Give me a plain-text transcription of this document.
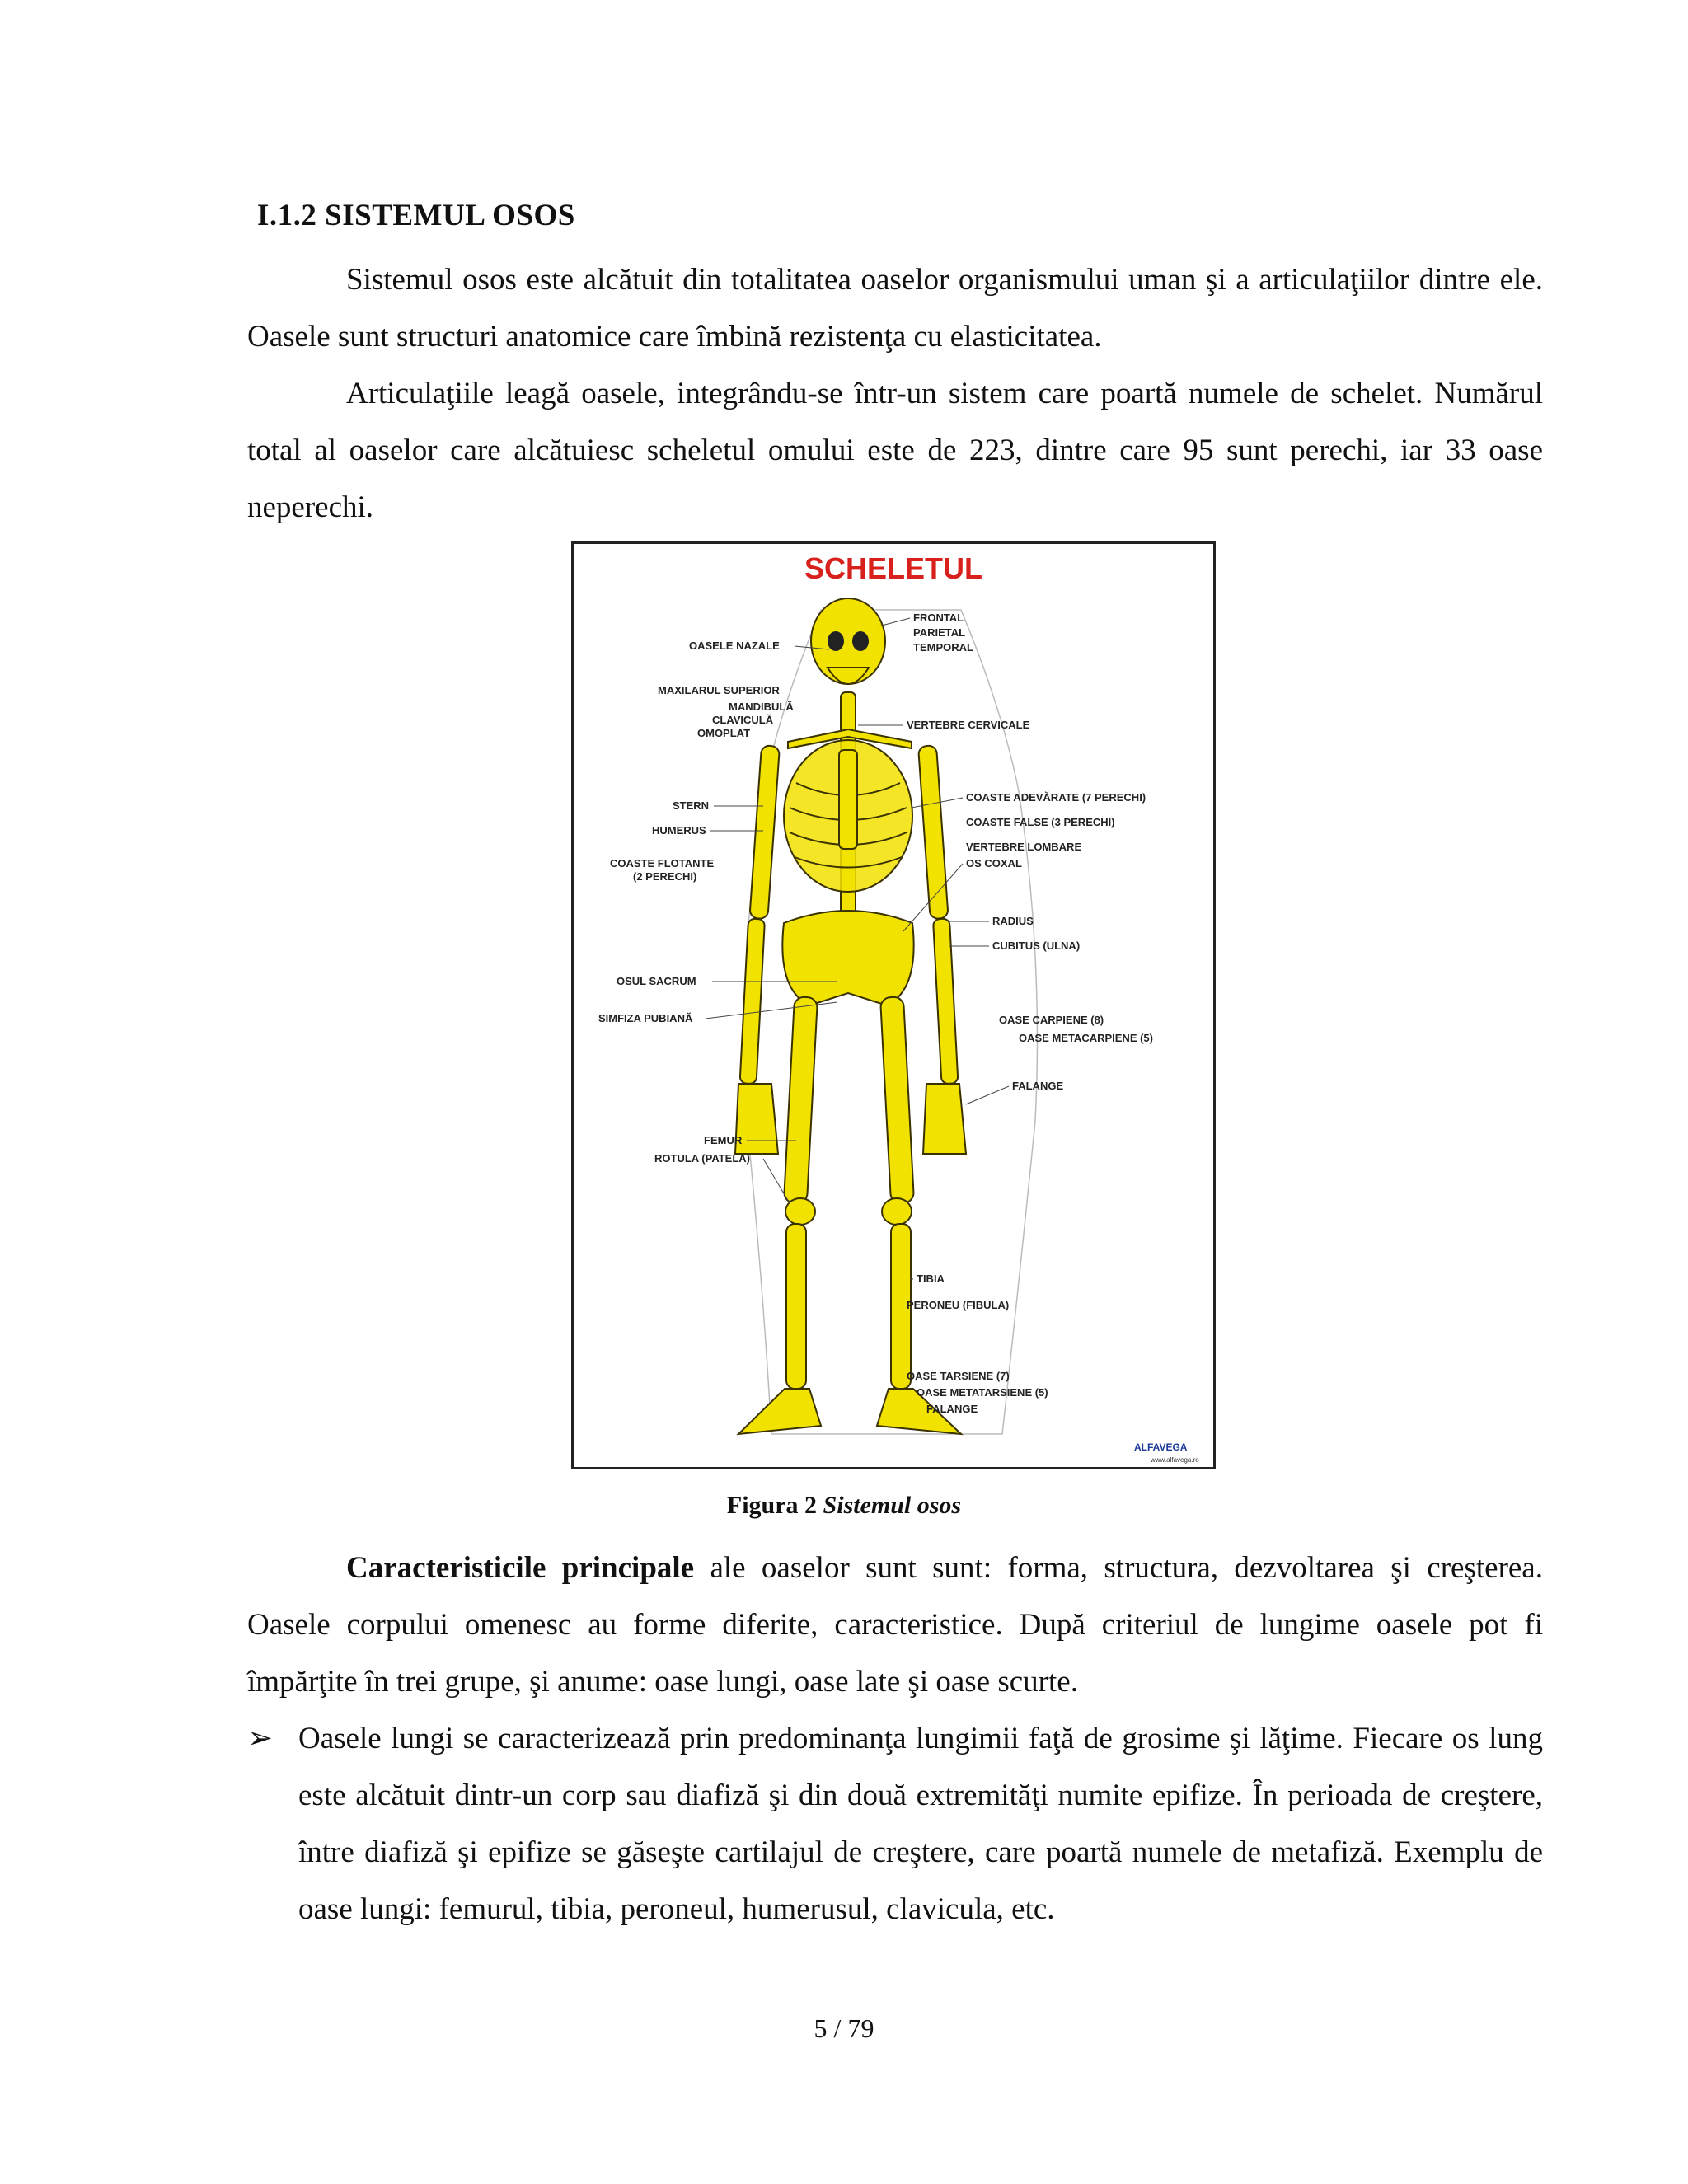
I.1.2 SISTEMUL OSOS
Sistemul osos este alcătuit din totalitatea oaselor organismului uman şi a articulaţiilor dintre ele. Oasele sunt structuri anatomice care îmbină rezistenţa cu elasticitatea.
Articulaţiile leagă oasele, integrându-se într-un sistem care poartă numele de schelet. Numărul total al oaselor care alcătuiesc scheletul omului este de 223, dintre care 95 sunt perechi, iar 33 oase neperechi.
SCHELETUL
OASELE NAZALE
MAXILARUL SUPERIOR
MANDIBULĂ
CLAVICULĂ
OMOPLAT
STERN
HUMERUS
COASTE FLOTANTE
(2 PERECHI)
OSUL SACRUM
SIMFIZA PUBIANĂ
FEMUR
ROTULA (PATELA)
FRONTAL
PARIETAL
TEMPORAL
VERTEBRE CERVICALE
COASTE ADEVĂRATE (7 PERECHI)
COASTE FALSE (3 PERECHI)
VERTEBRE LOMBARE
OS COXAL
RADIUS
CUBITUS (ULNA)
OASE CARPIENE (8)
OASE METACARPIENE (5)
FALANGE
TIBIA
PERONEU (FIBULA)
OASE TARSIENE (7)
OASE METATARSIENE (5)
FALANGE
ALFAVEGA
www.alfavega.ro
Figura 2 Sistemul osos
Caracteristicile principale ale oaselor sunt sunt: forma, structura, dezvoltarea şi creşterea. Oasele corpului omenesc au forme diferite, caracteristice. După criteriul de lungime oasele pot fi împărţite în trei grupe, şi anume: oase lungi, oase late şi oase scurte.
➢ Oasele lungi se caracterizează prin predominanţa lungimii faţă de grosime şi lăţime. Fiecare os lung este alcătuit dintr-un corp sau diafiză şi din două extremităţi numite epifize. În perioada de creştere, între diafiză şi epifize se găseşte cartilajul de creştere, care poartă numele de metafiză. Exemplu de oase lungi: femurul, tibia, peroneul, humerusul, clavicula, etc.
5 / 79
